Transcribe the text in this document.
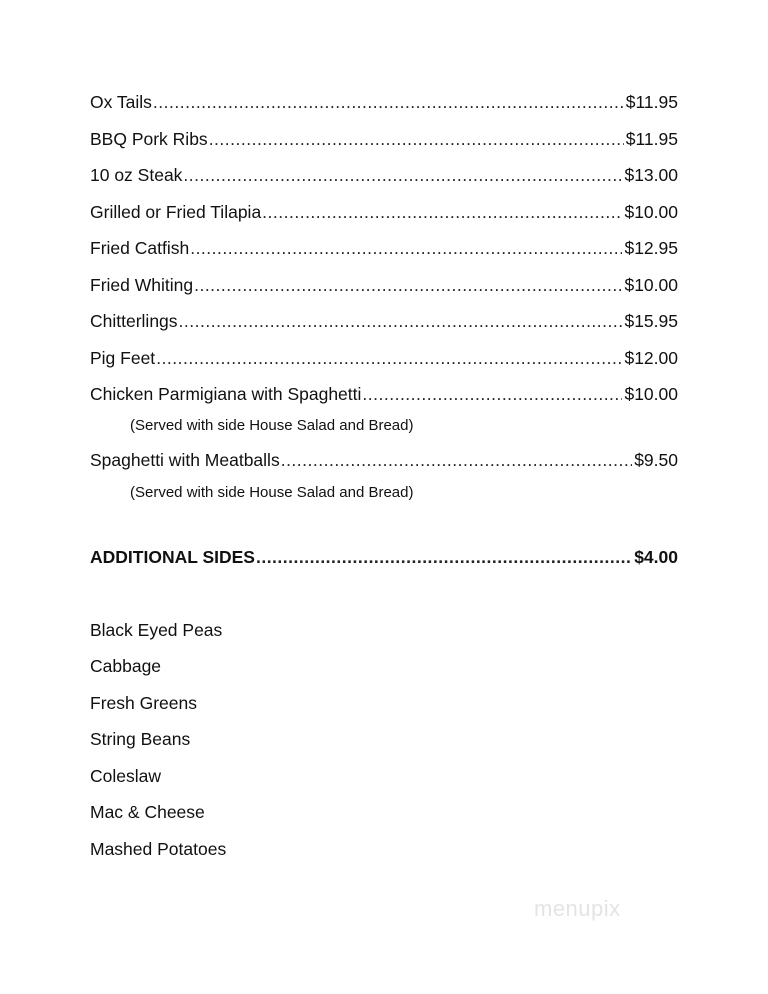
Ox Tails .....	$11.95
BBQ Pork Ribs .....	$11.95
10 oz Steak .....	$13.00
Grilled or Fried Tilapia .....	$10.00
Fried Catfish .....	$12.95
Fried Whiting .....	$10.00
Chitterlings .....	$15.95
Pig Feet .....	$12.00
Chicken Parmigiana with Spaghetti .....	$10.00
(Served with side House Salad and Bread)
Spaghetti with Meatballs .....	$9.50
(Served with side House Salad and Bread)
ADDITIONAL SIDES .....	$4.00
Black Eyed Peas
Cabbage
Fresh Greens
String Beans
Coleslaw
Mac & Cheese
Mashed Potatoes
menupix
